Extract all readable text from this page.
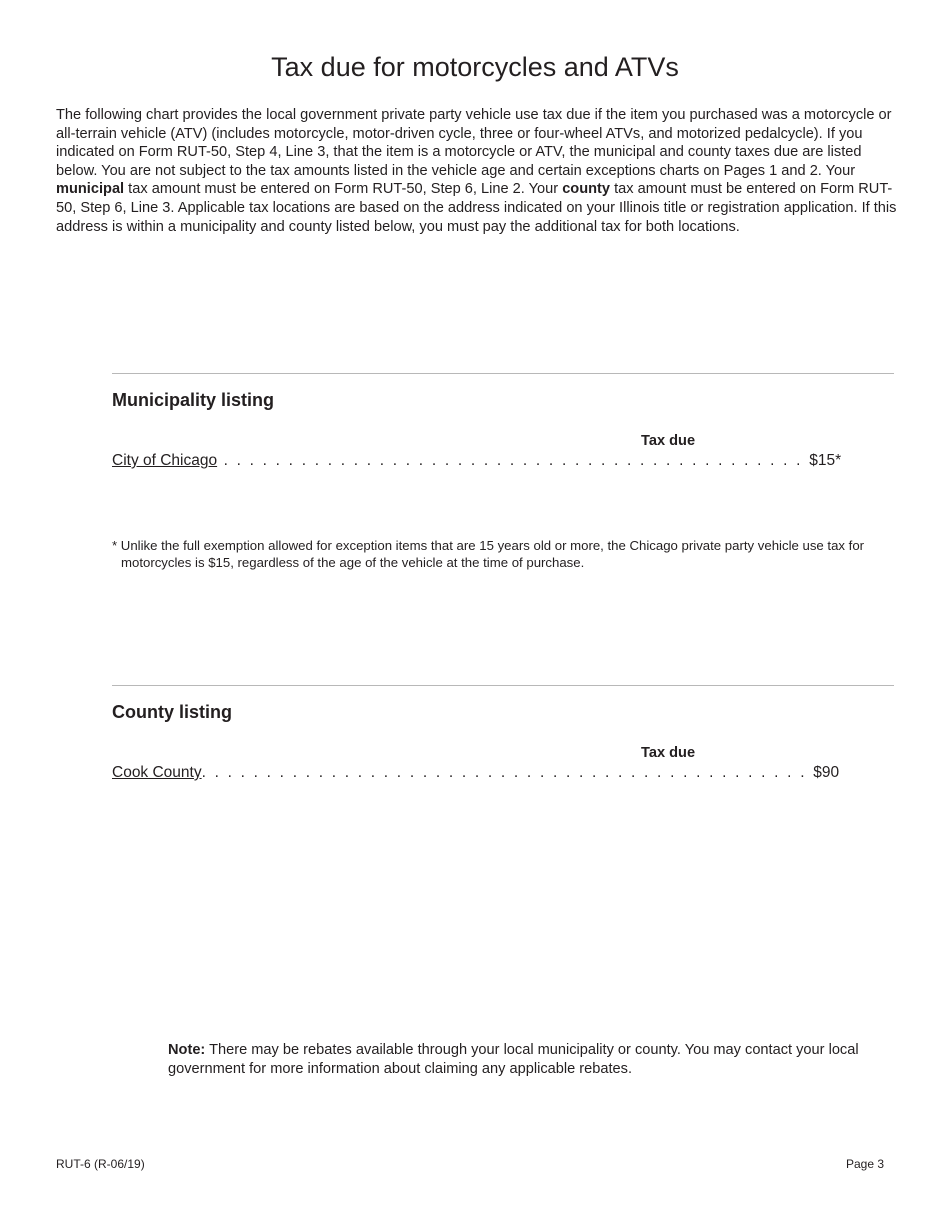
Tax due for motorcycles and ATVs

The following chart provides the local government private party vehicle use tax due if the item you purchased was a motorcycle or all-terrain vehicle (ATV) (includes motorcycle, motor-driven cycle, three or four-wheel ATVs, and motorized pedalcycle). If you indicated on Form RUT-50, Step 4, Line 3, that the item is a motorcycle or ATV, the municipal and county taxes due are listed below. You are not subject to the tax amounts listed in the vehicle age and certain exceptions charts on Pages 1 and 2. Your municipal tax amount must be entered on Form RUT-50, Step 6, Line 2. Your county tax amount must be entered on Form RUT-50, Step 6, Line 3. Applicable tax locations are based on the address indicated on your Illinois title or registration application. If this address is within a municipality and county listed below, you must pay the additional tax for both locations.

Municipality listing
Tax due
City of Chicago . . . . . . . . . . . . . . . . . . . . . . . . . . . . . . . . . . . . . . . . . . . . . $15*

* Unlike the full exemption allowed for exception items that are 15 years old or more, the Chicago private party vehicle use tax for motorcycles is $15, regardless of the age of the vehicle at the time of purchase.

County listing
Tax due
Cook County. . . . . . . . . . . . . . . . . . . . . . . . . . . . . . . . . . . . . . . . . . . . . . . $90

Note: There may be rebates available through your local municipality or county. You may contact your local government for more information about claiming any applicable rebates.

RUT-6 (R-06/19)	Page 3
